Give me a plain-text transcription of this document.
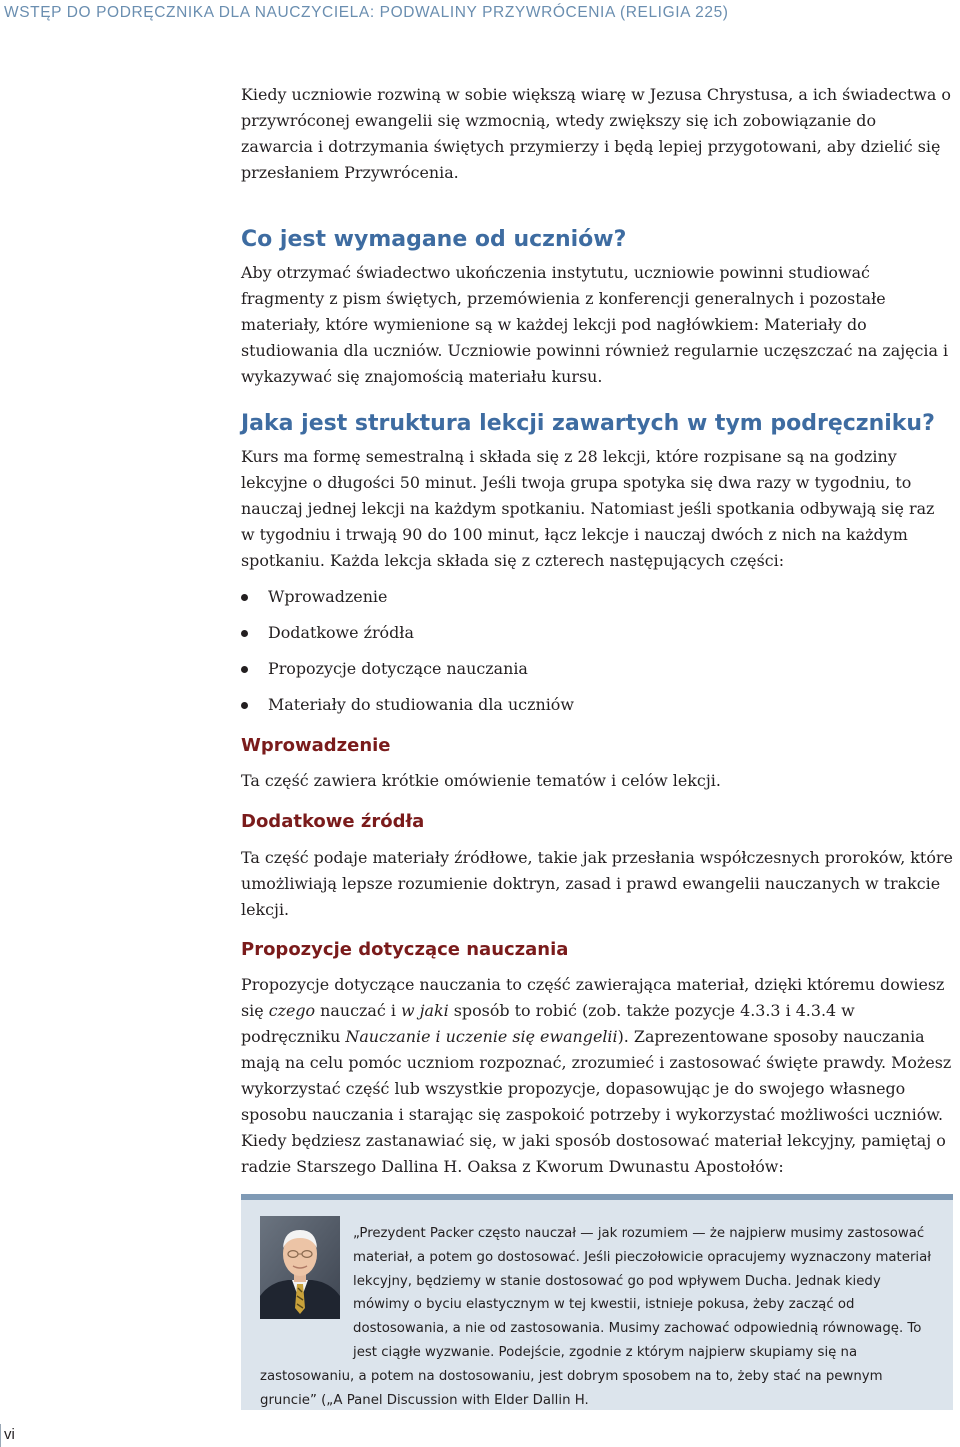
WSTĘP DO PODRĘCZNIKA DLA NAUCZYCIELA: PODWALINY PRZYWRÓCENIA (RELIGIA 225)

Kiedy uczniowie rozwiną w sobie większą wiarę w Jezusa Chrystusa, a ich świadectwa o przywróconej ewangelii się wzmocnią, wtedy zwiększy się ich zobowiązanie do zawarcia i dotrzymania świętych przymierzy i będą lepiej przygotowani, aby dzielić się przesłaniem Przywrócenia.

Co jest wymagane od uczniów?

Aby otrzymać świadectwo ukończenia instytutu, uczniowie powinni studiować fragmenty z pism świętych, przemówienia z konferencji generalnych i pozostałe materiały, które wymienione są w każdej lekcji pod nagłówkiem: Materiały do studiowania dla uczniów. Uczniowie powinni również regularnie uczęszczać na zajęcia i wykazywać się znajomością materiału kursu.

Jaka jest struktura lekcji zawartych w tym podręczniku?

Kurs ma formę semestralną i składa się z 28 lekcji, które rozpisane są na godziny lekcyjne o długości 50 minut. Jeśli twoja grupa spotyka się dwa razy w tygodniu, to nauczaj jednej lekcji na każdym spotkaniu. Natomiast jeśli spotkania odbywają się raz w tygodniu i trwają 90 do 100 minut, łącz lekcje i nauczaj dwóch z nich na każdym spotkaniu. Każda lekcja składa się z czterech następujących części:

Wprowadzenie
Dodatkowe źródła
Propozycje dotyczące nauczania
Materiały do studiowania dla uczniów
Wprowadzenie

Ta część zawiera krótkie omówienie tematów i celów lekcji.

Dodatkowe źródła

Ta część podaje materiały źródłowe, takie jak przesłania współczesnych proroków, które umożliwiają lepsze rozumienie doktryn, zasad i prawd ewangelii nauczanych w trakcie lekcji.

Propozycje dotyczące nauczania

Propozycje dotyczące nauczania to część zawierająca materiał, dzięki któremu dowiesz się czego nauczać i w jaki sposób to robić (zob. także pozycje 4.3.3 i 4.3.4 w podręczniku Nauczanie i uczenie się ewangelii). Zaprezentowane sposoby nauczania mają na celu pomóc uczniom rozpoznać, zrozumieć i zastosować święte prawdy. Możesz wykorzystać część lub wszystkie propozycje, dopasowując je do swojego własnego sposobu nauczania i starając się zaspokoić potrzeby i wykorzystać możliwości uczniów. Kiedy będziesz zastanawiać się, w jaki sposób dostosować materiał lekcyjny, pamiętaj o radzie Starszego Dallina H. Oaksa z Kworum Dwunastu Apostołów:

„Prezydent Packer często nauczał — jak rozumiem — że najpierw musimy zastosować materiał, a potem go dostosować. Jeśli pieczołowicie opracujemy wyznaczony materiał lekcyjny, będziemy w stanie dostosować go pod wpływem Ducha. Jednak kiedy mówimy o byciu elastycznym w tej kwestii, istnieje pokusa, żeby zacząć od dostosowania, a nie od zastosowania. Musimy zachować odpowiednią równowagę. To jest ciągłe wyzwanie. Podejście, zgodnie z którym najpierw skupiamy się na zastosowaniu, a potem na dostosowaniu, jest dobrym sposobem na to, żeby stać na pewnym gruncie” („A Panel Discussion with Elder Dallin H.

vi
